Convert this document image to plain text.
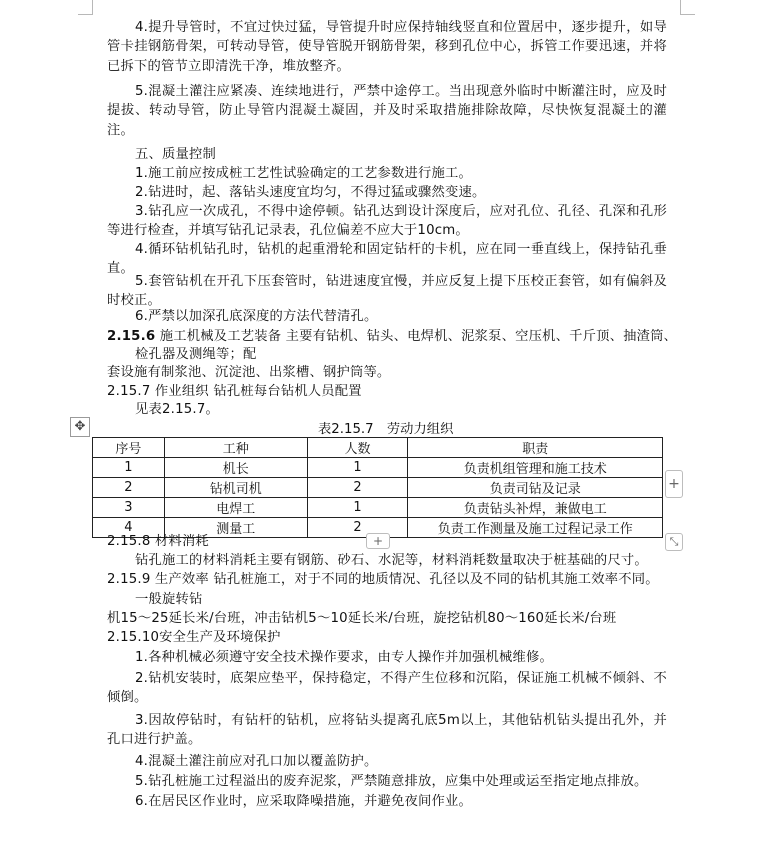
4.提升导管时，不宜过快过猛，导管提升时应保持轴线竖直和位置居中，逐步提升，如导管卡挂钢筋骨架，可转动导管，使导管脱开钢筋骨架，移到孔位中心，拆管工作要迅速，并将已拆下的管节立即清洗干净，堆放整齐。
5.混凝土灌注应紧凑、连续地进行，严禁中途停工。当出现意外临时中断灌注时，应及时提拔、转动导管，防止导管内混凝土凝固，并及时采取措施排除故障，尽快恢复混凝土的灌注。
五、质量控制
1.施工前应按成桩工艺性试验确定的工艺参数进行施工。
2.钻进时，起、落钻头速度宜均匀，不得过猛或骤然变速。
3.钻孔应一次成孔，不得中途停顿。钻孔达到设计深度后，应对孔位、孔径、孔深和孔形等进行检查，并填写钻孔记录表，孔位偏差不应大于10cm。
4.循环钻机钻孔时，钻机的起重滑轮和固定钻杆的卡机，应在同一垂直线上，保持钻孔垂直。
5.套管钻机在开孔下压套管时，钻进速度宜慢，并应反复上提下压校正套管，如有偏斜及时校正。
6.严禁以加深孔底深度的方法代替清孔。
2.15.6 施工机械及工艺装备 主要有钻机、钻头、电焊机、泥浆泵、空压机、千斤顶、抽渣筒、
检孔器及测绳等；配
套设施有制浆池、沉淀池、出浆槽、钢护筒等。
2.15.7 作业组织 钻孔桩每台钻机人员配置
见表2.15.7。
✥	表2.15.7　劳动力组织
序号	工种	人数	职责
1	机长	1	负责机组管理和施工技术
2	钻机司机	2	负责司钻及记录
3	电焊工	1	负责钻头补焊，兼做电工
4	测量工	2	负责工作测量及施工过程记录工作
+
+	⤡
2.15.8 材料消耗
钻孔施工的材料消耗主要有钢筋、砂石、水泥等，材料消耗数量取决于桩基础的尺寸。
2.15.9 生产效率 钻孔桩施工，对于不同的地质情况、孔径以及不同的钻机其施工效率不同。
一般旋转钻
机15～25延长米/台班，冲击钻机5～10延长米/台班，旋挖钻机80～160延长米/台班
2.15.10安全生产及环境保护
1.各种机械必须遵守安全技术操作要求，由专人操作并加强机械维修。
2.钻机安装时，底架应垫平，保持稳定，不得产生位移和沉陷，保证施工机械不倾斜、不倾倒。
3.因故停钻时，有钻杆的钻机，应将钻头提离孔底5m以上，其他钻机钻头提出孔外，并孔口进行护盖。
4.混凝土灌注前应对孔口加以覆盖防护。
5.钻孔桩施工过程溢出的废弃泥浆，严禁随意排放，应集中处理或运至指定地点排放。
6.在居民区作业时，应采取降噪措施，并避免夜间作业。
